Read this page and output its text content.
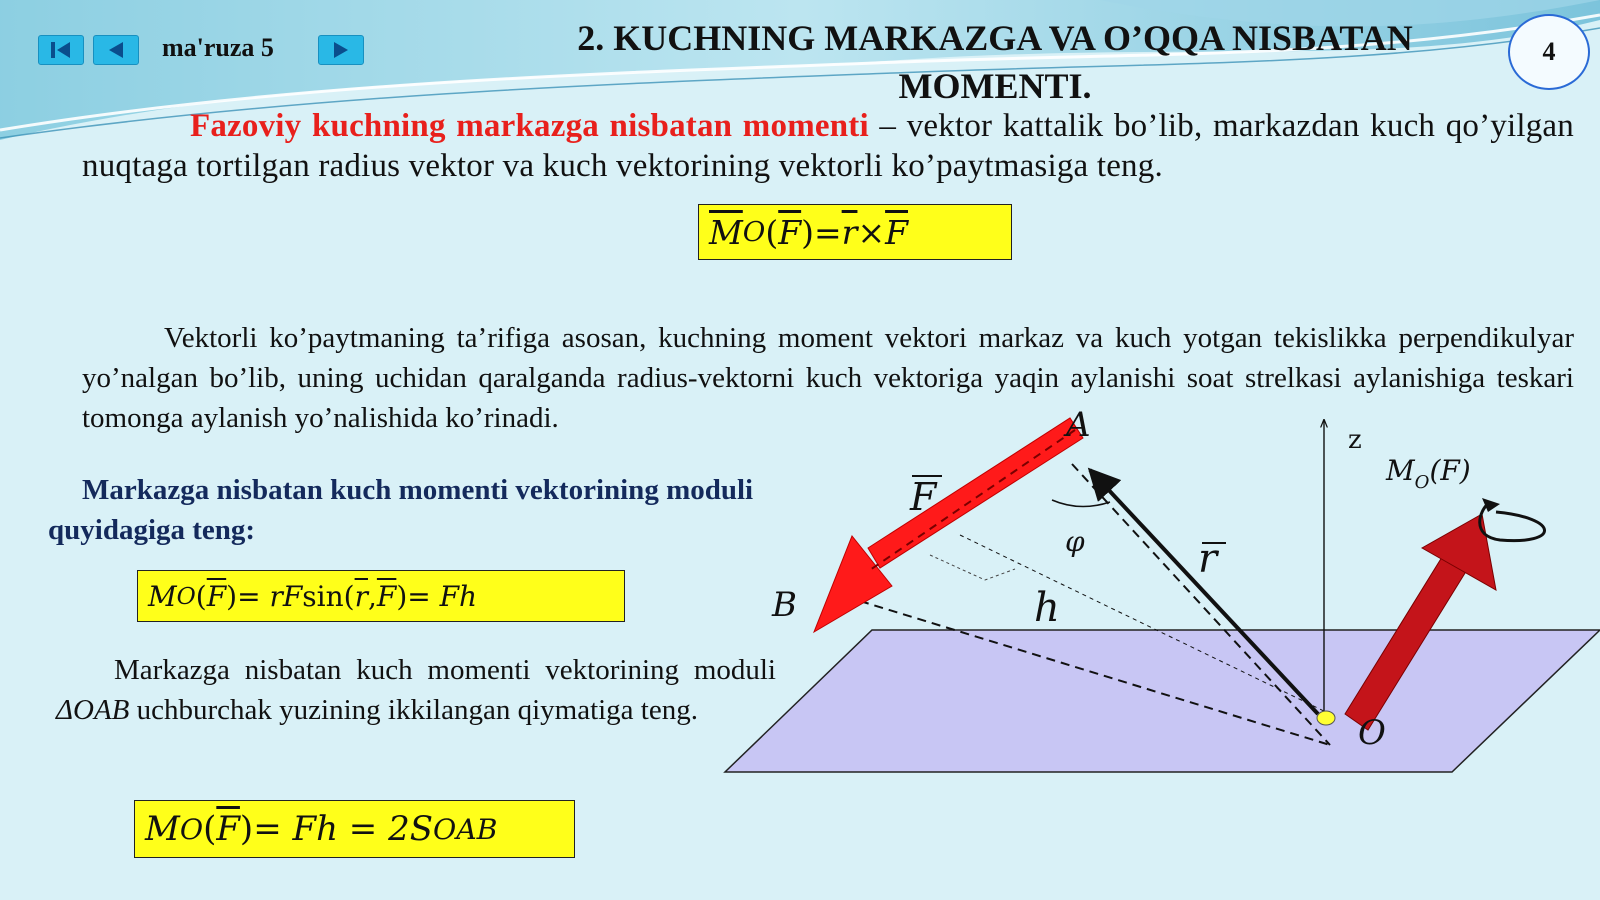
ma'ruza 5	2. KUCHNING MARKAZGA VA O’QQA NISBATAN MOMENTI.
4
Fazoviy kuchning markazga nisbatan momenti – vektor kattalik bo’lib, markazdan kuch qo’yilgan nuqtaga tortilgan radius vektor va kuch vektorining vektorli ko’paytmasiga teng.
$\overline{M}$ O ( $\overline{F}$ ) = $\overline{r} \times \overline{F}$
Vektorli ko’paytmaning ta’rifiga asosan, kuchning moment vektori markaz va kuch yotgan tekislikka perpendikulyar yo’nalgan bo’lib, uning uchidan qaralganda radius-vektorni kuch vektoriga yaqin aylanishi soat strelkasi aylanishiga teskari tomonga aylanish yo’nalishida ko’rinadi.
Markazga nisbatan kuch momenti vektorining moduli quyidagiga teng:
M O ( $\overline{F}$ ) = rF sin ( $\overline{r}$ , $\overline{F}$ ) = Fh
Markazga nisbatan kuch momenti vektorining moduli ΔOAB uchburchak yuzining ikkilangan qiymatiga teng.
M O ( $\overline{F}$ ) = Fh = 2S OAB
z
φ
A
B
O
F
r
h
$M_O(F)$
